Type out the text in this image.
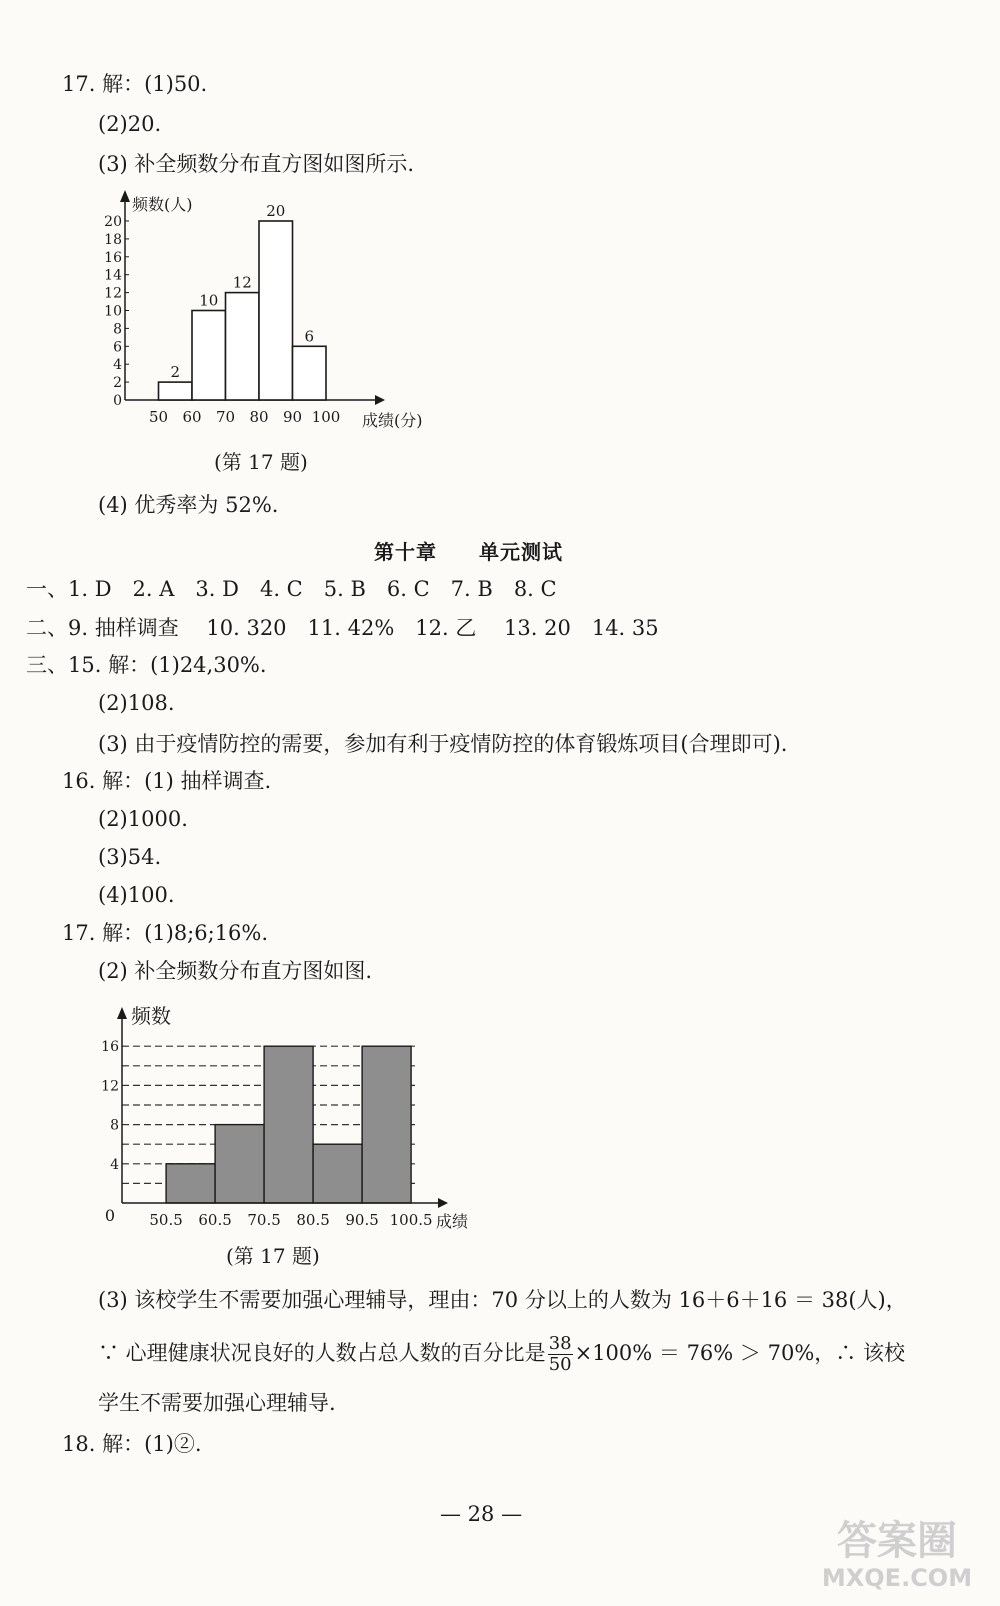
17. 解：(1)50.
(2)20.
(3) 补全频数分布直方图如图所示.
频数(人)
成绩(分)
0
2
4
6
8
10
12
14
16
18
20
50 60 70 80 90 100
2
10
12
20
6
(第 17 题)
(4) 优秀率为 52%.
第十章　　单元测试
一、1. D　2. A　3. D　4. C　5. B　6. C　7. B　8. C
二、9. 抽样调查　 10. 320　11. 42%　12. 乙　 13. 20　14. 35
三、15. 解：(1)24,30%.
(2)108.
(3) 由于疫情防控的需要，参加有利于疫情防控的体育锻炼项目(合理即可).
16. 解：(1) 抽样调查.
(2)1000.
(3)54.
(4)100.
17. 解：(1)8;6;16%.
(2) 补全频数分布直方图如图.
频数
成绩
0
4
8
12
16
50.5 60.5 70.5 80.5 90.5 100.5
(第 17 题)
(3) 该校学生不需要加强心理辅导，理由：70 分以上的人数为 16＋6＋16 ＝ 38(人)，
∵ 心理健康状况良好的人数占总人数的百分比是 $\frac{38}{50} \times 100\% = 76\% > 70\%$，∴ 该校
学生不需要加强心理辅导.
18. 解：(1)②.
— 28 —
答案圈
MXQE.COM
